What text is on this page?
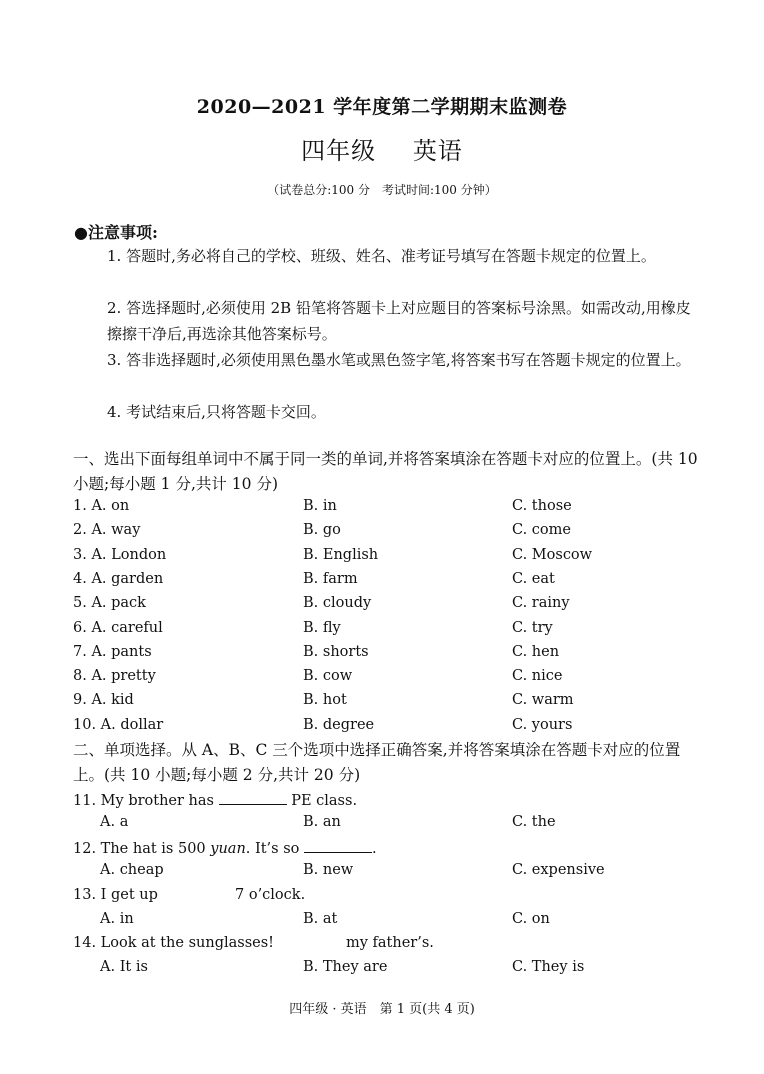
2020—2021 学年度第二学期期末监测卷
四年级 英语
（试卷总分:100 分　考试时间:100 分钟）
●注意事项:
1. 答题时,务必将自己的学校、班级、姓名、准考证号填写在答题卡规定的位置上。
2. 答选择题时,必须使用 2B 铅笔将答题卡上对应题目的答案标号涂黑。如需改动,用橡皮擦擦干净后,再选涂其他答案标号。
3. 答非选择题时,必须使用黑色墨水笔或黑色签字笔,将答案书写在答题卡规定的位置上。
4. 考试结束后,只将答题卡交回。
一、选出下面每组单词中不属于同一类的单词,并将答案填涂在答题卡对应的位置上。(共 10 小题;每小题 1 分,共计 10 分)
1. A. on	B. in	C. those
2. A. way	B. go	C. come
3. A. London	B. English	C. Moscow
4. A. garden	B. farm	C. eat
5. A. pack	B. cloudy	C. rainy
6. A. careful	B. fly	C. try
7. A. pants	B. shorts	C. hen
8. A. pretty	B. cow	C. nice
9. A. kid	B. hot	C. warm
10. A. dollar	B. degree	C. yours
二、单项选择。从 A、B、C 三个选项中选择正确答案,并将答案填涂在答题卡对应的位置上。(共 10 小题;每小题 2 分,共计 20 分)
11. My brother has	PE class.
A. a	B. an	C. the
12. The hat is 500 yuan. It’s so	.
A. cheap	B. new	C. expensive
13. I get up	7 o’clock.
A. in	B. at	C. on
14. Look at the sunglasses!	my father’s.
A. It is	B. They are	C. They is
四年级 · 英语　第 1 页(共 4 页)
